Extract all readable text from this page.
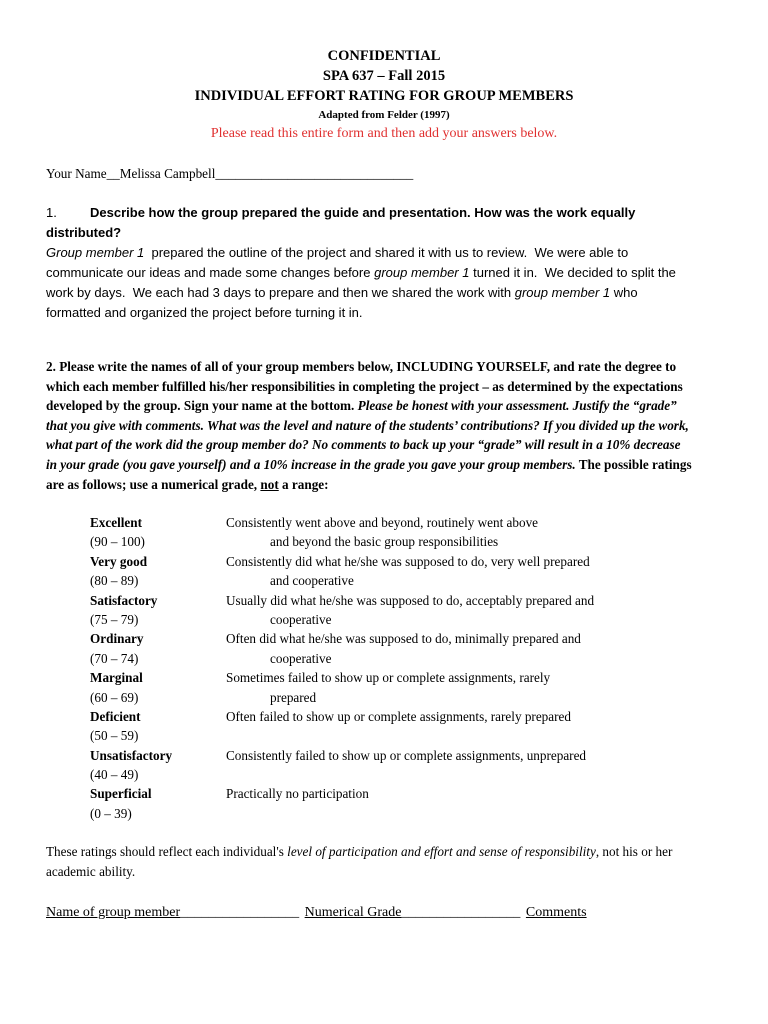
CONFIDENTIAL
SPA 637 – Fall 2015
INDIVIDUAL EFFORT RATING FOR GROUP MEMBERS
Adapted from Felder (1997)
Please read this entire form and then add your answers below.
Your Name__Melissa Campbell______________________________
1.	Describe how the group prepared the guide and presentation. How was the work equally
distributed?
Group member 1  prepared the outline of the project and shared it with us to review.  We were able to
communicate our ideas and made some changes before group member 1 turned it in.  We decided to split the
work by days.  We each had 3 days to prepare and then we shared the work with group member 1 who
formatted and organized the project before turning it in.
2. Please write the names of all of your group members below, INCLUDING YOURSELF, and rate the degree to
which each member fulfilled his/her responsibilities in completing the project – as determined by the expectations
developed by the group. Sign your name at the bottom. Please be honest with your assessment. Justify the “grade”
that you give with comments. What was the level and nature of the students’ contributions? If you divided up the work,
what part of the work did the group member do? No comments to back up your “grade” will result in a 10% decrease
in your grade (you gave yourself) and a 10% increase in the grade you gave your group members. The possible ratings
are as follows; use a numerical grade, not a range:
Excellent	Consistently went above and beyond, routinely went above
(90 – 100)	and beyond the basic group responsibilities
Very good	Consistently did what he/she was supposed to do, very well prepared
(80 – 89)	and cooperative
Satisfactory	Usually did what he/she was supposed to do, acceptably prepared and
(75 – 79)	cooperative
Ordinary	Often did what he/she was supposed to do, minimally prepared and
(70 – 74)	cooperative
Marginal	Sometimes failed to show up or complete assignments, rarely
(60 – 69)	prepared
Deficient	Often failed to show up or complete assignments, rarely prepared
(50 – 59)
Unsatisfactory	Consistently failed to show up or complete assignments, unprepared
(40 – 49)
Superficial	Practically no participation
(0 – 39)
These ratings should reflect each individual's level of participation and effort and sense of responsibility, not his or her
academic ability.
Name of group member_________________ Numerical Grade_________________ Comments
